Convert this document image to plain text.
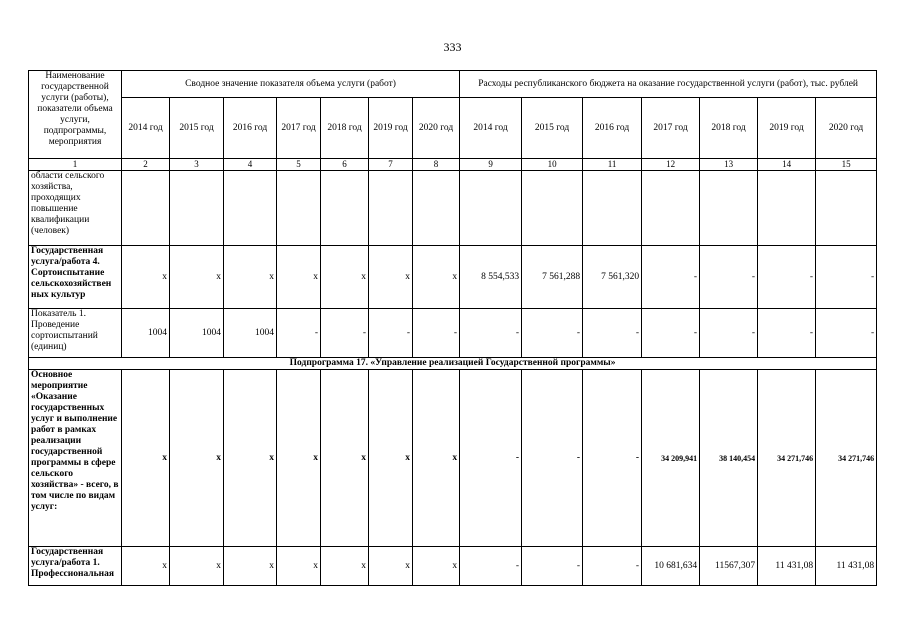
333
Наименование государственной услуги (работы), показатели объема услуги, подпрограммы, мероприятия	Сводное значение показателя объема услуги (работ)							Расходы республиканского бюджета на оказание государственной услуги (работ), тыс. рублей						
	2014 год	2015 год	2016 год	2017 год	2018 год	2019 год	2020 год	2014 год	2015 год	2016 год	2017 год	2018 год	2019 год	2020 год
1	2	3	4	5	6	7	8	9	10	11	12	13	14	15
области сельского хозяйства, проходящих повышение квалификации (человек)														
Государственная услуга/работа 4. Сортоиспытание сельскохозяйствен ных культур	x	x	x	x	x	x	x	8 554,533	7 561,288	7 561,320	-	-	-	-
Показатель 1. Проведение сортоиспытаний (единиц)	1004	1004	1004	-	-	-	-	-	-	-	-	-	-	-
Подпрограмма 17. «Управление реализацией Государственной программы»														
Основное мероприятие «Оказание государственных услуг и выполнение работ в рамках реализации государственной программы в сфере сельского хозяйства» - всего, в том числе по видам услуг:	x	x	x	x	x	x	x	-	-	-	34 209,941	38 140,454	34 271,746	34 271,746
Государственная услуга/работа 1. Профессиональная	x	x	x	x	x	x	x	-	-	-	10 681,634	11567,307	11 431,08	11 431,08
